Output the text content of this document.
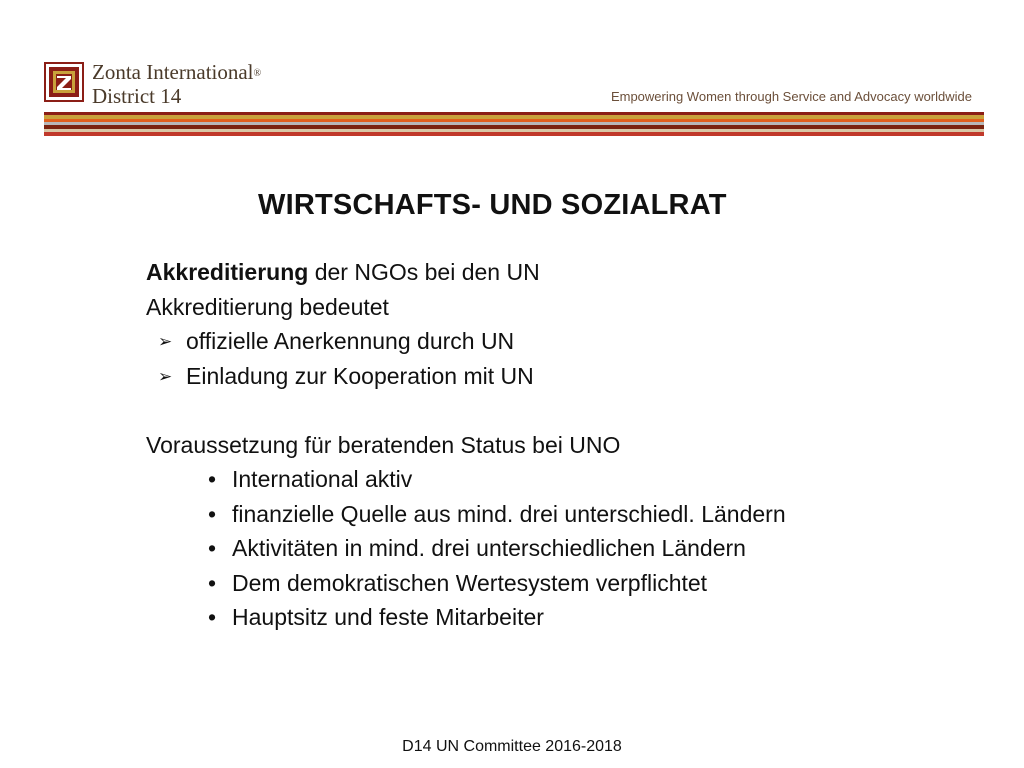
Zonta International®
District 14	Empowering Women through Service and Advocacy worldwide
WIRTSCHAFTS- UND SOZIALRAT
Akkreditierung der NGOs bei den UN
Akkreditierung bedeutet
➢ offizielle Anerkennung durch UN
➢ Einladung zur Kooperation mit UN
Voraussetzung für beratenden Status bei UNO
• International aktiv
• finanzielle Quelle aus mind. drei unterschiedl. Ländern
• Aktivitäten in mind. drei unterschiedlichen Ländern
• Dem demokratischen Wertesystem verpflichtet
• Hauptsitz und feste Mitarbeiter
D14 UN Committee 2016-2018
